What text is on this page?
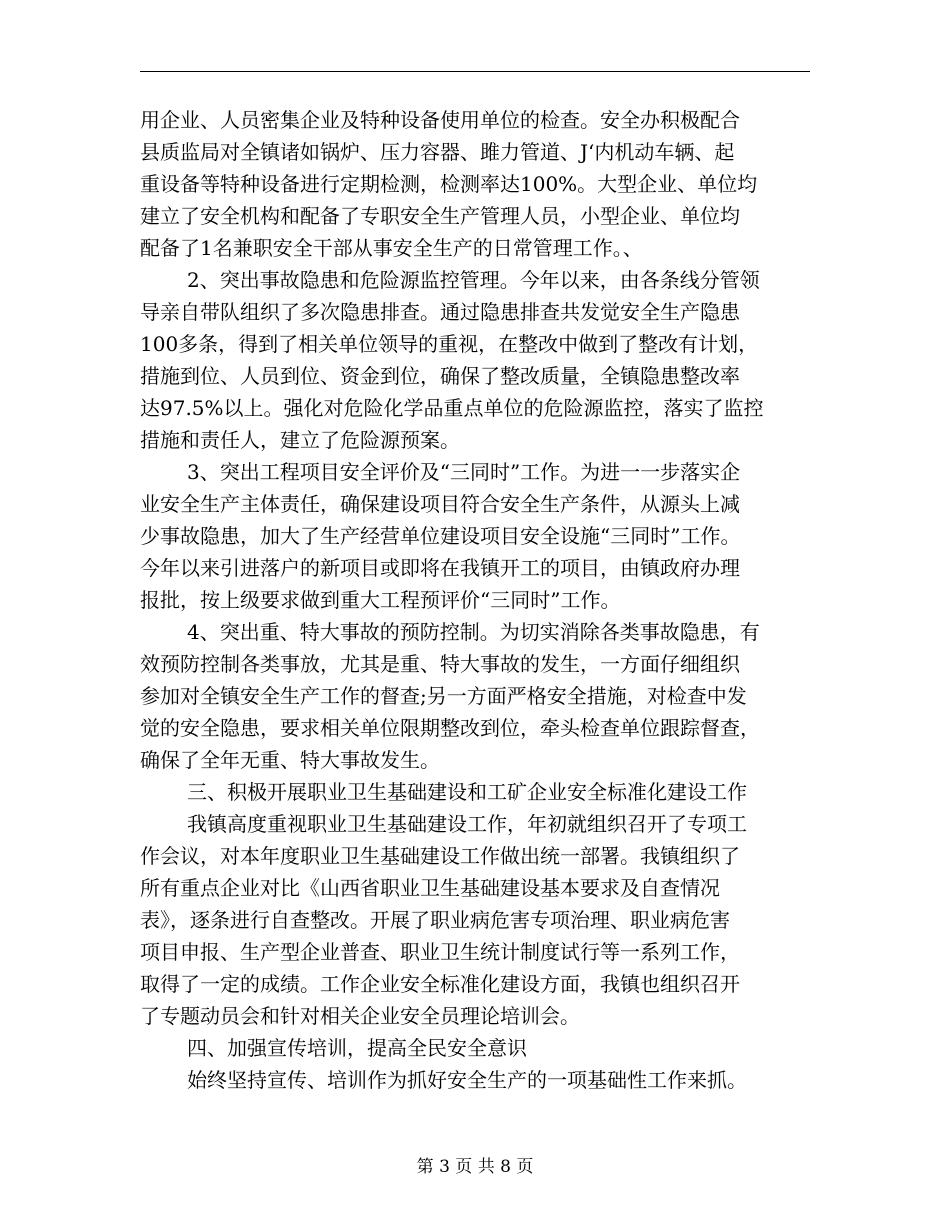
用企业、人员密集企业及特种设备使用单位的检查。安全办积极配合

县质监局对全镇诸如锅炉、压力容器、雎力管道、J‘内机动车辆、起

重设备等特种设备进行定期检测，检测率达100%。大型企业、单位均

建立了安全机构和配备了专职安全生产管理人员，小型企业、单位均

配备了1名兼职安全干部从事安全生产的日常管理工作。、

2、突出事故隐患和危险源监控管理。今年以来，由各条线分管领

导亲自带队组织了多次隐患排查。通过隐患排查共发觉安全生产隐患

100多条，得到了相关单位领导的重视，在整改中做到了整改有计划，

措施到位、人员到位、资金到位，确保了整改质量，全镇隐患整改率

达97.5%以上。强化对危险化学品重点单位的危险源监控，落实了监控

措施和责任人，建立了危险源预案。

3、突出工程项目安全评价及“三同时”工作。为进一一步落实企

业安全生产主体责任，确保建设项目符合安全生产条件，从源头上减

少事故隐患，加大了生产经营单位建设项目安全设施“三同时”工作。

今年以来引进落户的新项目或即将在我镇开工的项目，由镇政府办理

报批，按上级要求做到重大工程预评价“三同时”工作。

4、突出重、特大事故的预防控制。为切实消除各类事故隐患，有

效预防控制各类事放，尤其是重、特大事故的发生，一方面仔细组织

参加对全镇安全生产工作的督查;另一方面严格安全措施，对检查中发

觉的安全隐患，要求相关单位限期整改到位，牵头检查单位跟踪督查，

确保了全年无重、特大事故发生。

三、积极开展职业卫生基础建设和工矿企业安全标准化建设工作

我镇高度重视职业卫生基础建设工作，年初就组织召开了专项工

作会议，对本年度职业卫生基础建设工作做出统一部署。我镇组织了

所有重点企业对比《山西省职业卫生基础建设基本要求及自查情况

表》，逐条进行自查整改。开展了职业病危害专项治理、职业病危害

项目申报、生产型企业普查、职业卫生统计制度试行等一系列工作，

取得了一定的成绩。工作企业安全标准化建设方面，我镇也组织召开

了专题动员会和针对相关企业安全员理论培训会。

四、加强宣传培训，提高全民安全意识

始终坚持宣传、培训作为抓好安全生产的一项基础性工作来抓。

第 3 页 共 8 页
